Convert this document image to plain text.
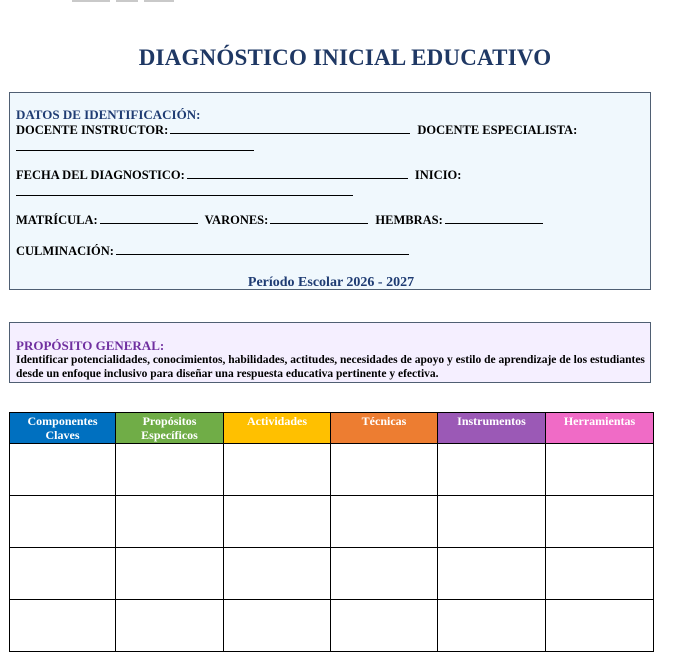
DIAGNÓSTICO INICIAL EDUCATIVO
DATOS DE IDENTIFICACIÓN:
DOCENTE INSTRUCTOR:	DOCENTE ESPECIALISTA:
FECHA DEL DIAGNOSTICO:	INICIO:
MATRÍCULA:	VARONES:	HEMBRAS:
CULMINACIÓN:
Período Escolar 2026 - 2027
PROPÓSITO GENERAL:
Identificar potencialidades, conocimientos, habilidades, actitudes, necesidades de apoyo y estilo de aprendizaje de los estudiantes desde un enfoque inclusivo para diseñar una respuesta educativa pertinente y efectiva.
Componentes Claves	Propósitos Específicos	Actividades	Técnicas	Instrumentos	Herramientas
